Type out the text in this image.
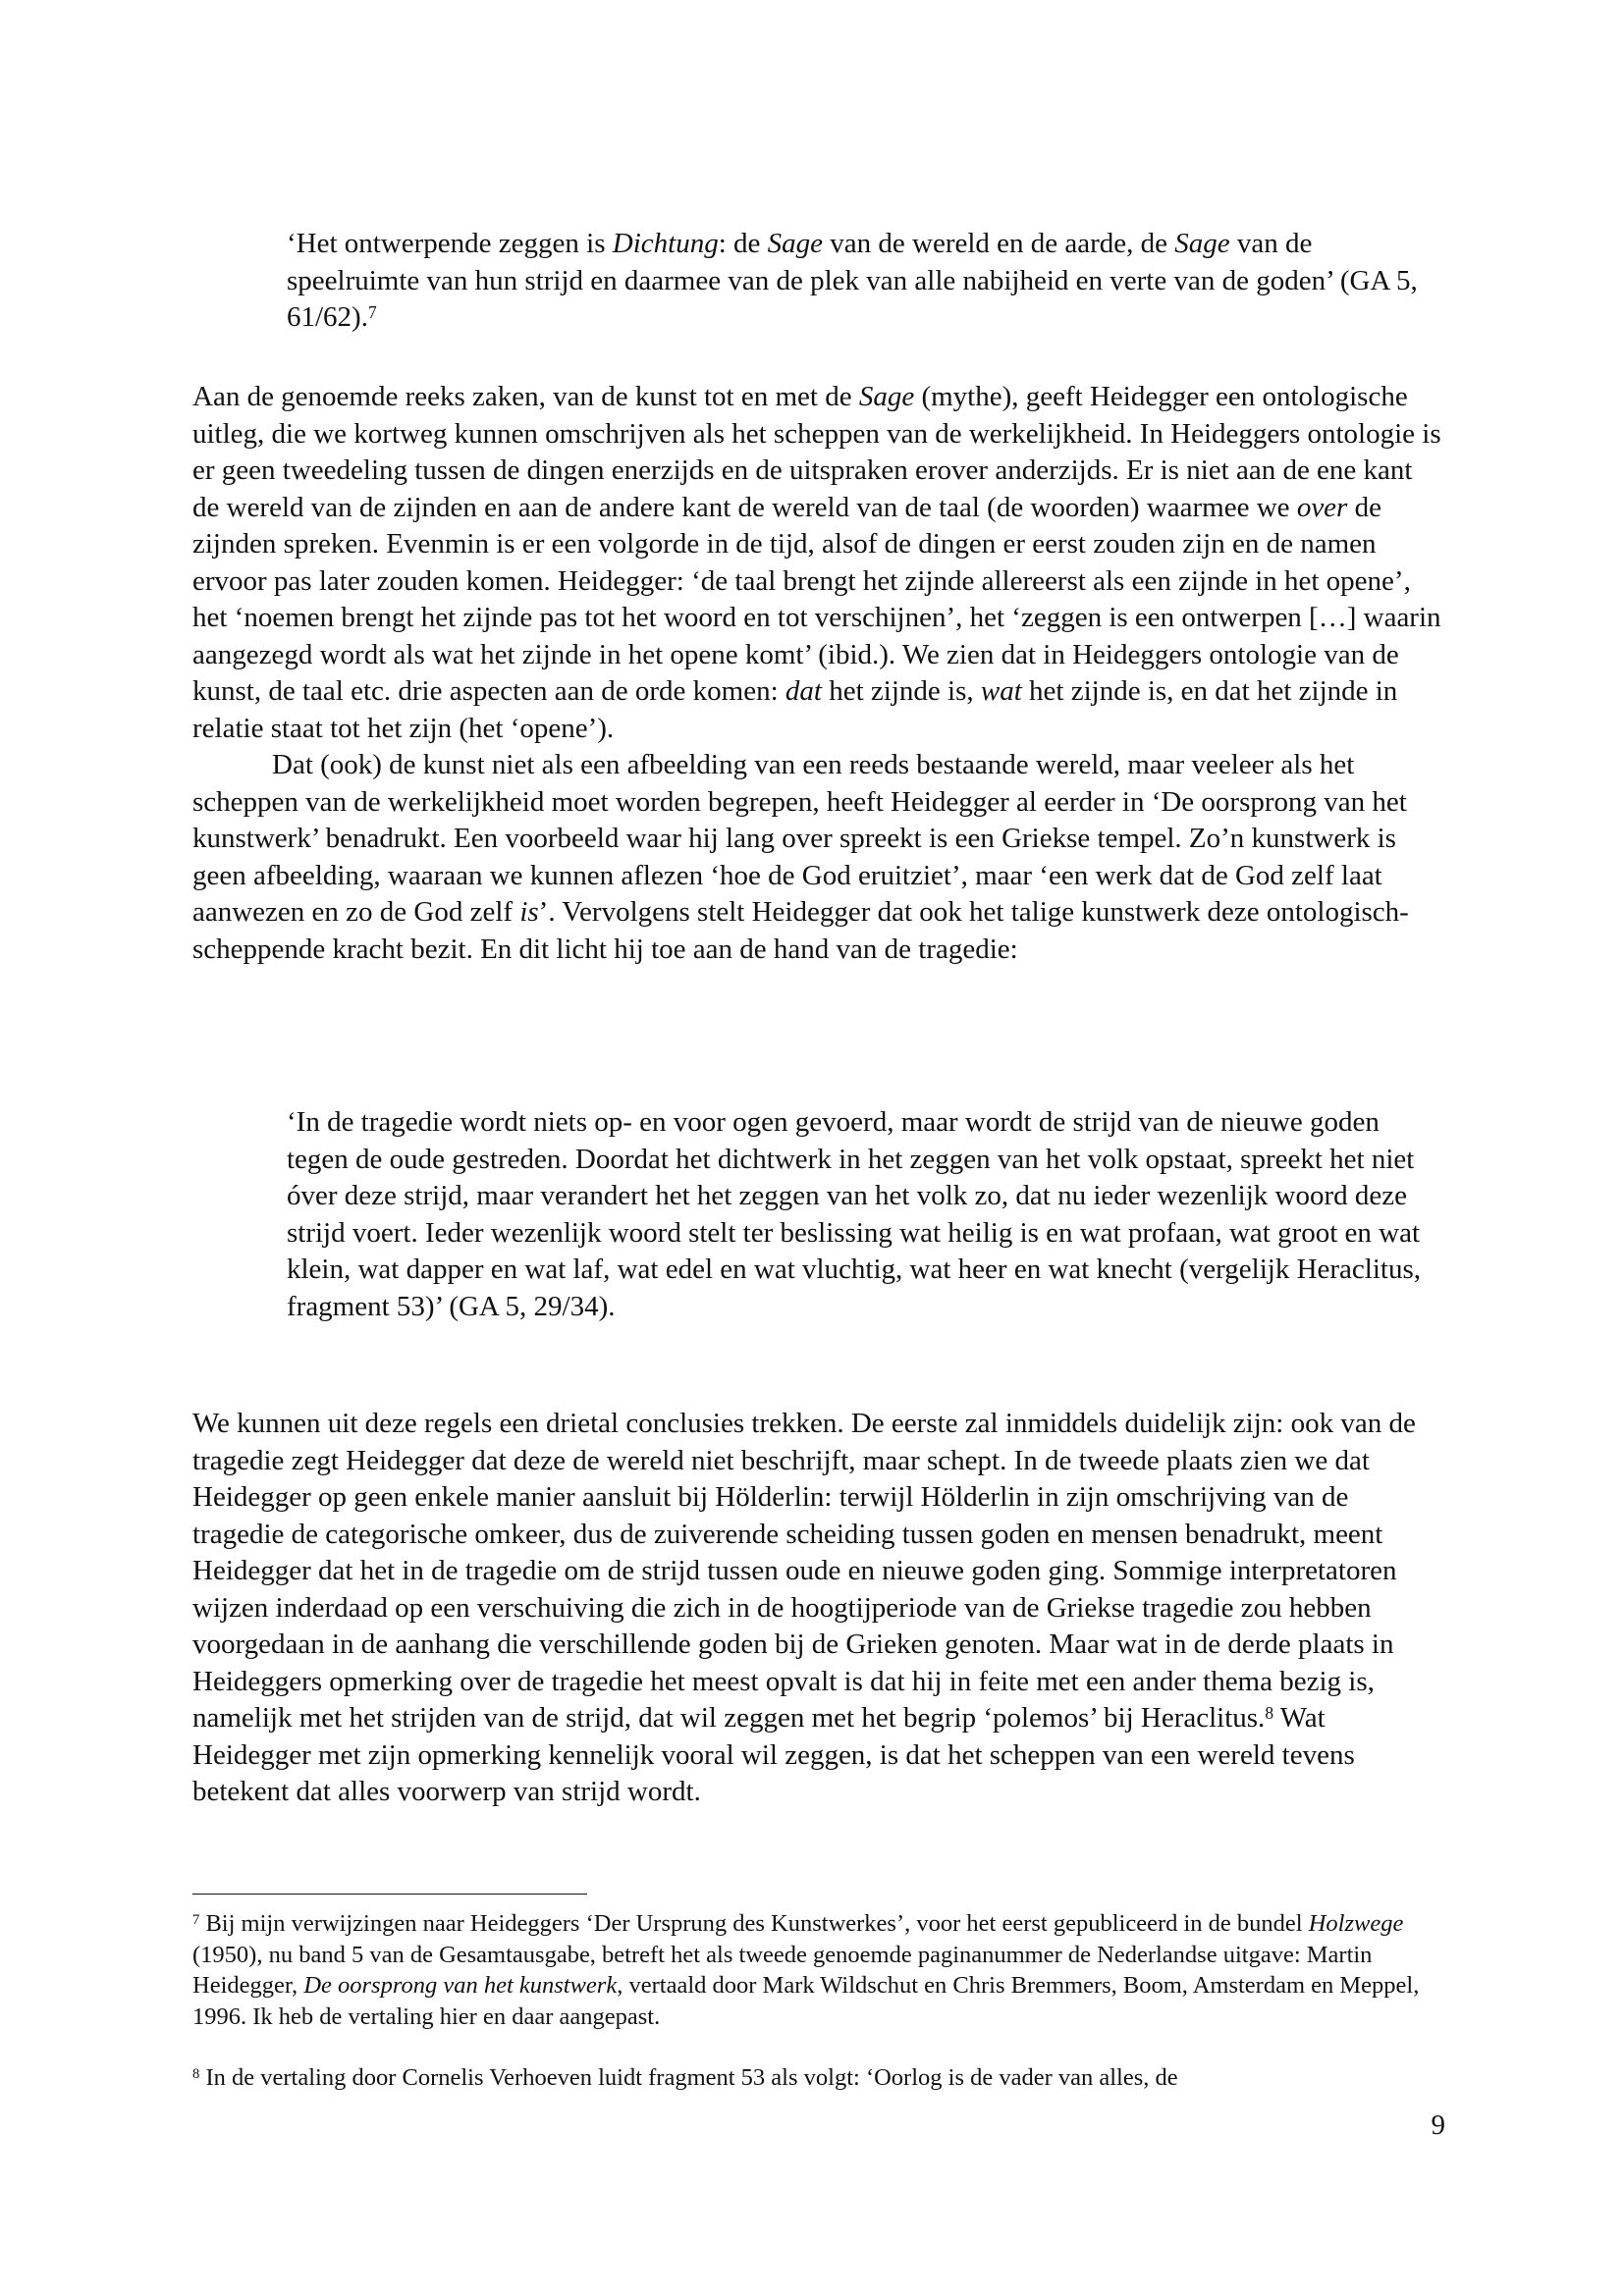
‘Het ontwerpende zeggen is Dichtung: de Sage van de wereld en de aarde, de Sage van de speelruimte van hun strijd en daarmee van de plek van alle nabijheid en verte van de goden’ (GA 5, 61/62).$^7$

Aan de genoemde reeks zaken, van de kunst tot en met de Sage (mythe), geeft Heidegger een ontologische uitleg, die we kortweg kunnen omschrijven als het scheppen van de werkelijkheid. In Heideggers ontologie is er geen tweedeling tussen de dingen enerzijds en de uitspraken erover anderzijds. Er is niet aan de ene kant de wereld van de zijnden en aan de andere kant de wereld van de taal (de woorden) waarmee we over de zijnden spreken. Evenmin is er een volgorde in de tijd, alsof de dingen er eerst zouden zijn en de namen ervoor pas later zouden komen. Heidegger: ‘de taal brengt het zijnde allereerst als een zijnde in het opene’, het ‘noemen brengt het zijnde pas tot het woord en tot verschijnen’, het ‘zeggen is een ontwerpen […] waarin aangezegd wordt als wat het zijnde in het opene komt’ (ibid.). We zien dat in Heideggers ontologie van de kunst, de taal etc. drie aspecten aan de orde komen: dat het zijnde is, wat het zijnde is, en dat het zijnde in relatie staat tot het zijn (het ‘opene’).
Dat (ook) de kunst niet als een afbeelding van een reeds bestaande wereld, maar veeleer als het scheppen van de werkelijkheid moet worden begrepen, heeft Heidegger al eerder in ‘De oorsprong van het kunstwerk’ benadrukt. Een voorbeeld waar hij lang over spreekt is een Griekse tempel. Zo’n kunstwerk is geen afbeelding, waaraan we kunnen aflezen ‘hoe de God eruitziet’, maar ‘een werk dat de God zelf laat aanwezen en zo de God zelf is’. Vervolgens stelt Heidegger dat ook het talige kunstwerk deze ontologisch-scheppende kracht bezit. En dit licht hij toe aan de hand van de tragedie:

‘In de tragedie wordt niets op- en voor ogen gevoerd, maar wordt de strijd van de nieuwe goden tegen de oude gestreden. Doordat het dichtwerk in het zeggen van het volk opstaat, spreekt het niet óver deze strijd, maar verandert het het zeggen van het volk zo, dat nu ieder wezenlijk woord deze strijd voert. Ieder wezenlijk woord stelt ter beslissing wat heilig is en wat profaan, wat groot en wat klein, wat dapper en wat laf, wat edel en wat vluchtig, wat heer en wat knecht (vergelijk Heraclitus, fragment 53)’ (GA 5, 29/34).

We kunnen uit deze regels een drietal conclusies trekken. De eerste zal inmiddels duidelijk zijn: ook van de tragedie zegt Heidegger dat deze de wereld niet beschrijft, maar schept. In de tweede plaats zien we dat Heidegger op geen enkele manier aansluit bij Hölderlin: terwijl Hölderlin in zijn omschrijving van de tragedie de categorische omkeer, dus de zuiverende scheiding tussen goden en mensen benadrukt, meent Heidegger dat het in de tragedie om de strijd tussen oude en nieuwe goden ging. Sommige interpretatoren wijzen inderdaad op een verschuiving die zich in de hoogtijperiode van de Griekse tragedie zou hebben voorgedaan in de aanhang die verschillende goden bij de Grieken genoten. Maar wat in de derde plaats in Heideggers opmerking over de tragedie het meest opvalt is dat hij in feite met een ander thema bezig is, namelijk met het strijden van de strijd, dat wil zeggen met het begrip ‘polemos’ bij Heraclitus.$^8$ Wat Heidegger met zijn opmerking kennelijk vooral wil zeggen, is dat het scheppen van een wereld tevens betekent dat alles voorwerp van strijd wordt.

$^7$ Bij mijn verwijzingen naar Heideggers ‘Der Ursprung des Kunstwerkes’, voor het eerst gepubliceerd in de bundel Holzwege (1950), nu band 5 van de Gesamtausgabe, betreft het als tweede genoemde paginanummer de Nederlandse uitgave: Martin Heidegger, De oorsprong van het kunstwerk, vertaald door Mark Wildschut en Chris Bremmers, Boom, Amsterdam en Meppel, 1996. Ik heb de vertaling hier en daar aangepast.

$^8$ In de vertaling door Cornelis Verhoeven luidt fragment 53 als volgt: ‘Oorlog is de vader van alles, de

9
